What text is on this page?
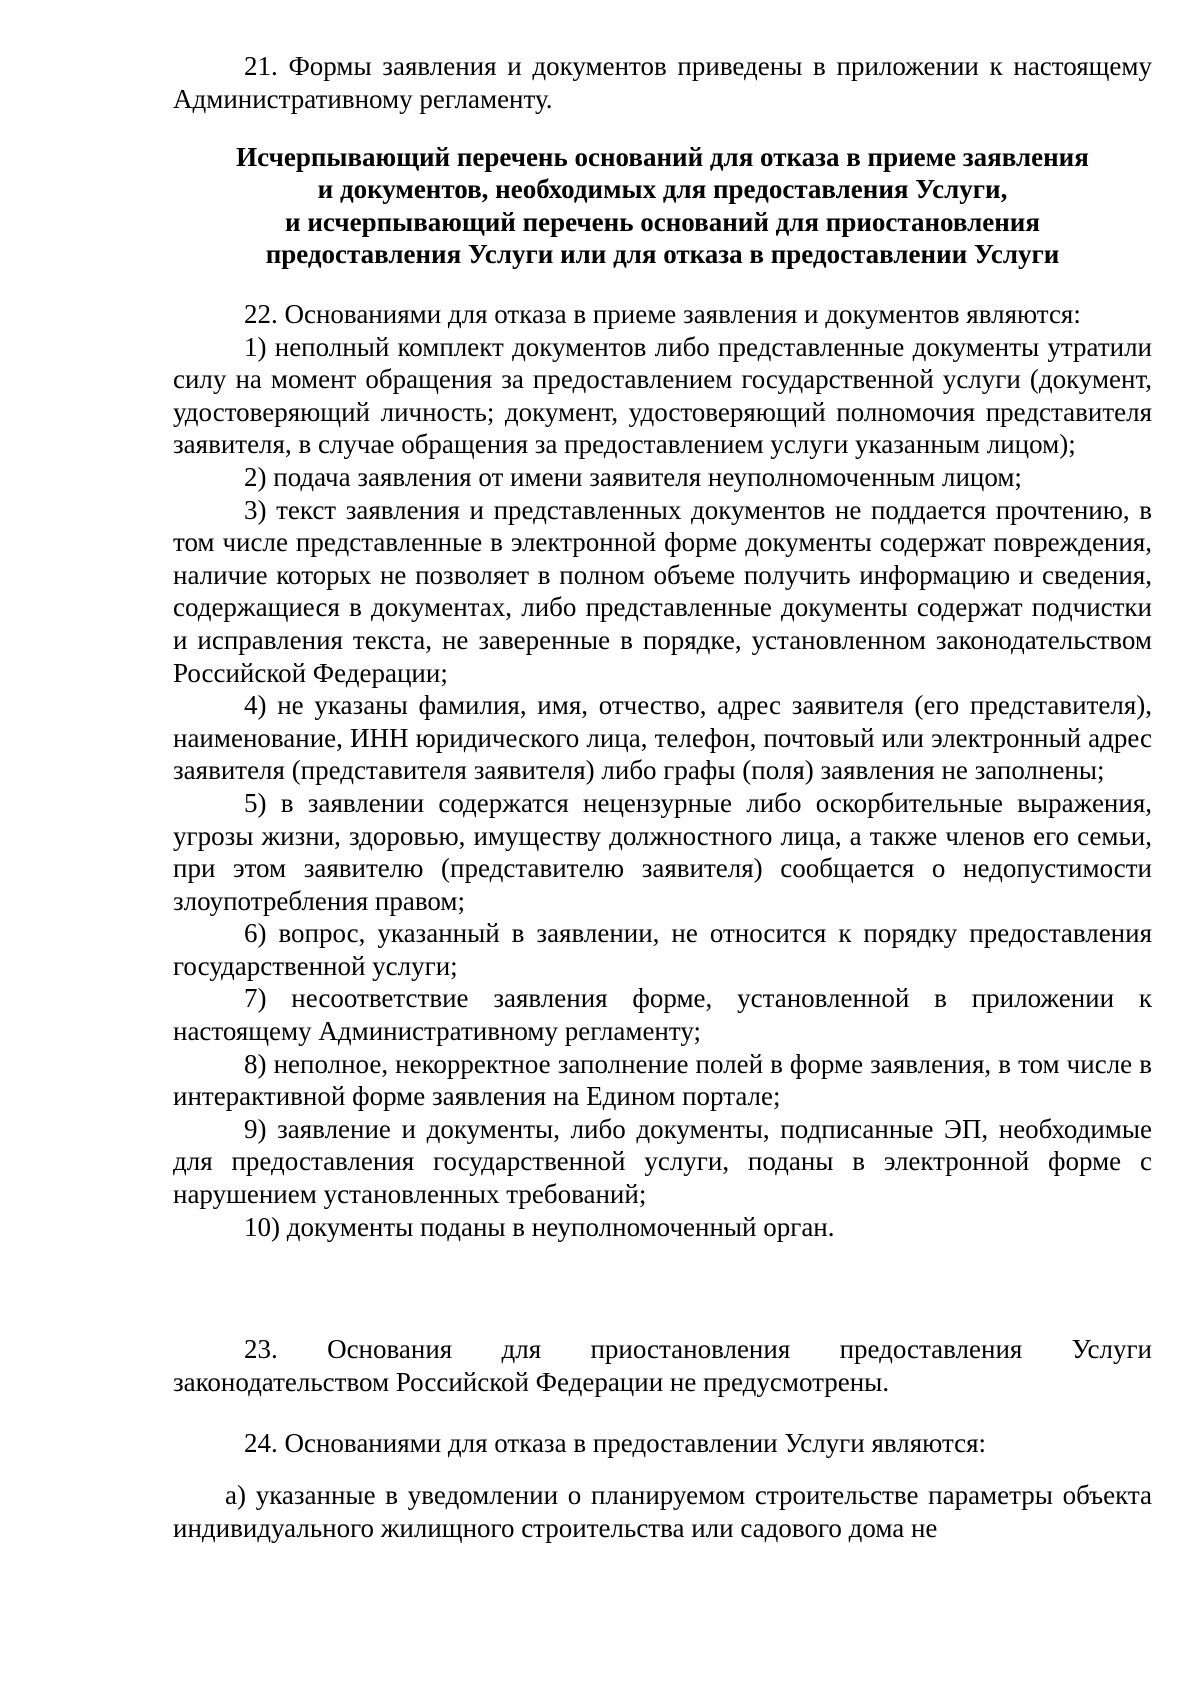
21. Формы заявления и документов приведены в приложении к настоящему Административному регламенту.

Исчерпывающий перечень оснований для отказа в приеме заявления
и документов, необходимых для предоставления Услуги,
и исчерпывающий перечень оснований для приостановления
предоставления Услуги или для отказа в предоставлении Услуги

22. Основаниями для отказа в приеме заявления и документов являются:

1) неполный комплект документов либо представленные документы утратили силу на момент обращения за предоставлением государственной услуги (документ, удостоверяющий личность; документ, удостоверяющий полномочия представителя заявителя, в случае обращения за предоставлением услуги указанным лицом);

2) подача заявления от имени заявителя неуполномоченным лицом;

3) текст заявления и представленных документов не поддается прочтению, в том числе представленные в электронной форме документы содержат повреждения, наличие которых не позволяет в полном объеме получить информацию и сведения, содержащиеся в документах, либо представленные документы содержат подчистки и исправления текста, не заверенные в порядке, установленном законодательством Российской Федерации;

4) не указаны фамилия, имя, отчество, адрес заявителя (его представителя), наименование, ИНН юридического лица, телефон, почтовый или электронный адрес заявителя (представителя заявителя) либо графы (поля) заявления не заполнены;

5) в заявлении содержатся нецензурные либо оскорбительные выражения, угрозы жизни, здоровью, имуществу должностного лица, а также членов его семьи, при этом заявителю (представителю заявителя) сообщается о недопустимости злоупотребления правом;

6) вопрос, указанный в заявлении, не относится к порядку предоставления государственной услуги;

7) несоответствие заявления форме, установленной в приложении к настоящему Административному регламенту;

8) неполное, некорректное заполнение полей в форме заявления, в том числе в интерактивной форме заявления на Едином портале;

9) заявление и документы, либо документы, подписанные ЭП, необходимые для предоставления государственной услуги, поданы в электронной форме с нарушением установленных требований;

10) документы поданы в неуполномоченный орган.

23. Основания для приостановления предоставления Услуги законодательством Российской Федерации не предусмотрены.

24. Основаниями для отказа в предоставлении Услуги являются:

а) указанные в уведомлении о планируемом строительстве параметры объекта индивидуального жилищного строительства или садового дома не
